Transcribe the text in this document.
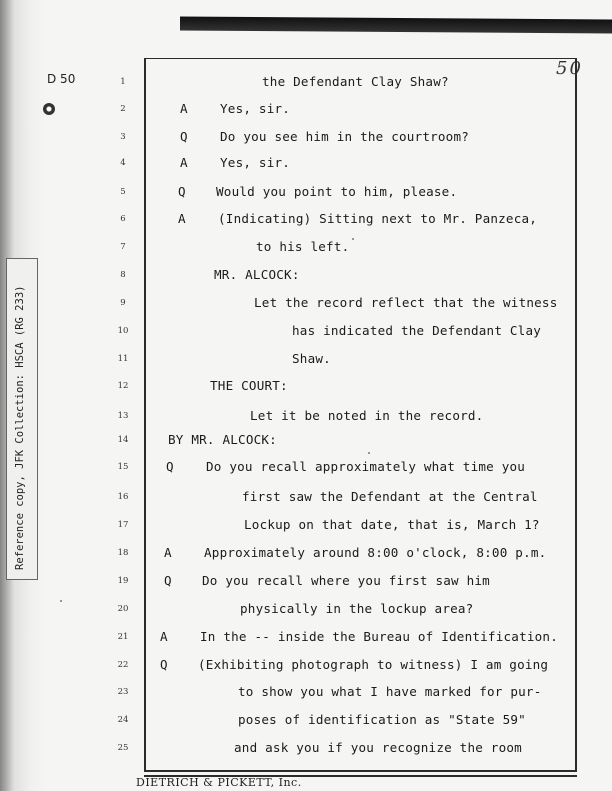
D 50	50
Reference copy, JFK Collection: HSCA (RG 233)
1	the Defendant Clay Shaw?
2	A	Yes, sir.
3	Q	Do you see him in the courtroom?
4	A	Yes, sir.
5	Q Would you point to him, please.
6	A	(Indicating) Sitting next to Mr. Panzeca,
7	to his left.
8	MR. ALCOCK:
9	Let the record reflect that the witness
10	has indicated the Defendant Clay
11	Shaw.
12	THE COURT:
13	Let it be noted in the record.
14	BY MR. ALCOCK:
15	Q	Do you recall approximately what time you
16	first saw the Defendant at the Central
17	Lockup on that date, that is, March 1?
18	A	Approximately around 8:00 o'clock, 8:00 p.m.
19	Q Do you recall where you first saw him
20	physically in the lockup area?
21	A	In the -- inside the Bureau of Identification.
22	Q (Exhibiting photograph to witness) I am going
23	to show you what I have marked for pur-
24	poses of identification as "State 59"
25	and ask you if you recognize the room
DIETRICH & PICKETT, Inc.
